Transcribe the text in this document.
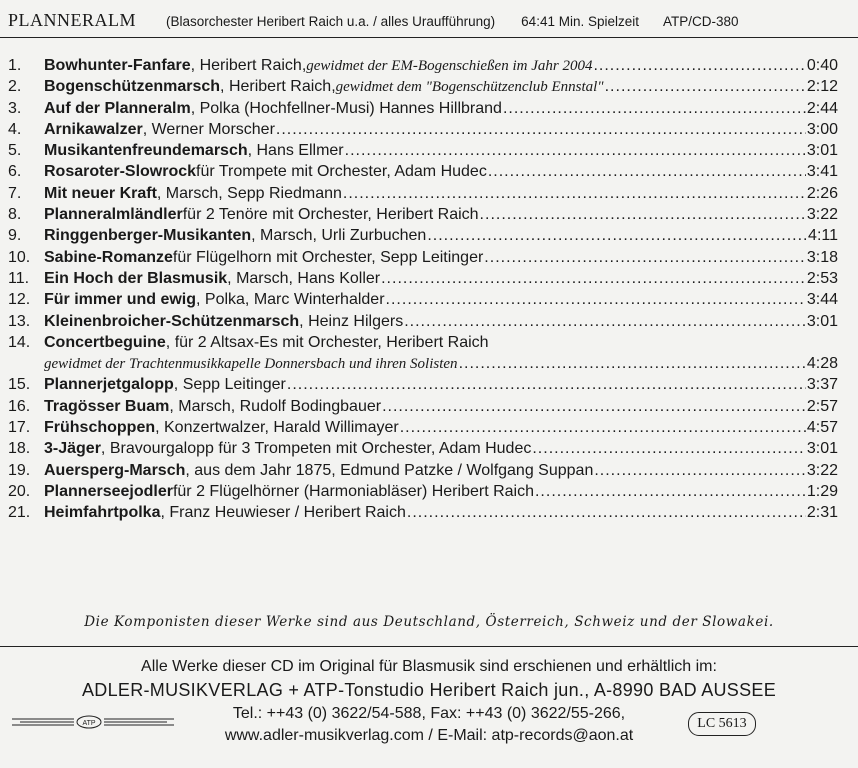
PLANNERALM (Blasorchester Heribert Raich u.a. / alles Uraufführung) 64:41 Min. Spielzeit ATP/CD-380
1.	Bowhunter-Fanfare , Heribert Raich, gewidmet der EM-Bogenschießen im Jahr 2004 .....	0:40
2.	Bogenschützenmarsch , Heribert Raich, gewidmet dem "Bogenschützenclub Ennstal" .....	2:12
3.	Auf der Planneralm , Polka (Hochfellner-Musi) Hannes Hillbrand .....	2:44
4.	Arnikawalzer , Werner Morscher .....	3:00
5.	Musikantenfreundemarsch , Hans Ellmer .....	3:01
6.	Rosaroter-Slowrock für Trompete mit Orchester, Adam Hudec .....	3:41
7.	Mit neuer Kraft , Marsch, Sepp Riedmann .....	2:26
8.	Planneralmländler für 2 Tenöre mit Orchester, Heribert Raich .....	3:22
9.	Ringgenberger-Musikanten , Marsch, Urli Zurbuchen .....	4:11
10. Sabine-Romanze für Flügelhorn mit Orchester, Sepp Leitinger .....	3:18
11. Ein Hoch der Blasmusik , Marsch, Hans Koller .....	2:53
12. Für immer und ewig , Polka, Marc Winterhalder .....	3:44
13. Kleinenbroicher-Schützenmarsch , Heinz Hilgers .....	3:01
14. Concertbeguine , für 2 Altsax-Es mit Orchester, Heribert Raich
gewidmet der Trachtenmusikkapelle Donnersbach und ihren Solisten .....	4:28
15. Plannerjetgalopp , Sepp Leitinger .....	3:37
16. Tragösser Buam , Marsch, Rudolf Bodingbauer .....	2:57
17. Frühschoppen , Konzertwalzer, Harald Willimayer .....	4:57
18. 3-Jäger , Bravourgalopp für 3 Trompeten mit Orchester, Adam Hudec .....	3:01
19. Auersperg-Marsch , aus dem Jahr 1875, Edmund Patzke / Wolfgang Suppan .....	3:22
20. Plannerseejodler für 2 Flügelhörner (Harmoniabläser) Heribert Raich .....	1:29
21. Heimfahrtpolka , Franz Heuwieser / Heribert Raich .....	2:31
Die Komponisten dieser Werke sind aus Deutschland, Österreich, Schweiz und der Slowakei.
Alle Werke dieser CD im Original für Blasmusik sind erschienen und erhältlich im:
ADLER-MUSIKVERLAG + ATP-Tonstudio Heribert Raich jun., A-8990 BAD AUSSEE
Tel.: ++43 (0) 3622/54-588, Fax: ++43 (0) 3622/55-266,
www.adler-musikverlag.com / E-Mail: atp-records@aon.at
ATP	LC 5613
